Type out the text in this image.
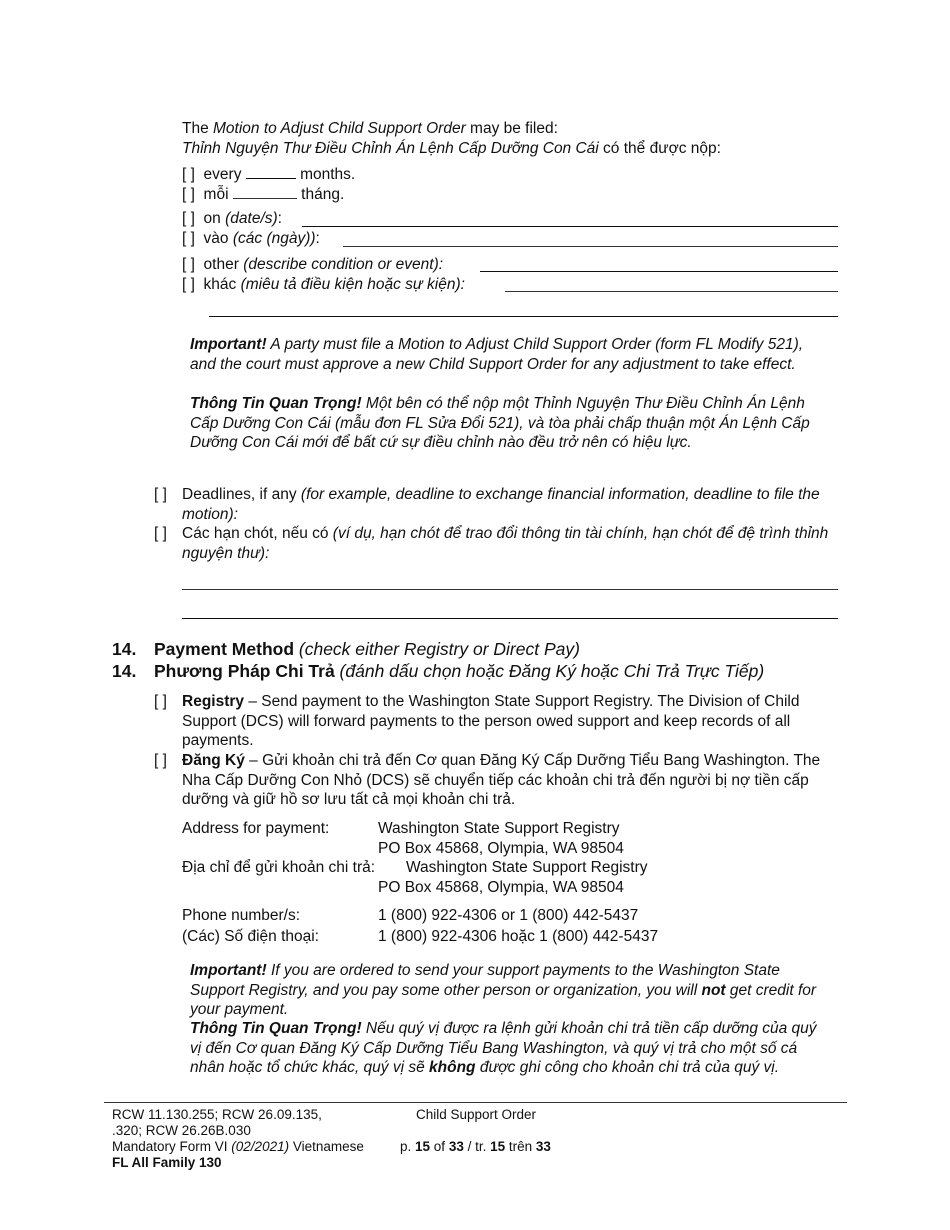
The Motion to Adjust Child Support Order may be filed:
Thỉnh Nguyện Thư Điều Chỉnh Án Lệnh Cấp Dưỡng Con Cái có thể được nộp:
[ ] every	months.
[ ] mỗi	tháng.
[ ] on (date/s):
[ ] vào (các (ngày)):
[ ] other (describe condition or event):
[ ] khác (miêu tả điều kiện hoặc sự kiện):
Important! A party must file a Motion to Adjust Child Support Order (form FL Modify 521), and the court must approve a new Child Support Order for any adjustment to take effect.
Thông Tin Quan Trọng! Một bên có thể nộp một Thỉnh Nguyện Thư Điều Chỉnh Án Lệnh Cấp Dưỡng Con Cái (mẫu đơn FL Sửa Đổi 521), và tòa phải chấp thuận một Án Lệnh Cấp Dưỡng Con Cái mới để bất cứ sự điều chỉnh nào đều trở nên có hiệu lực.
[ ] Deadlines, if any (for example, deadline to exchange financial information, deadline to file the motion):
[ ] Các hạn chót, nếu có (ví dụ, hạn chót để trao đổi thông tin tài chính, hạn chót để đệ trình thỉnh nguyện thư):
14. Payment Method (check either Registry or Direct Pay)
14. Phương Pháp Chi Trả (đánh dấu chọn hoặc Đăng Ký hoặc Chi Trả Trực Tiếp)
[ ] Registry – Send payment to the Washington State Support Registry. The Division of Child Support (DCS) will forward payments to the person owed support and keep records of all payments.
[ ] Đăng Ký – Gửi khoản chi trả đến Cơ quan Đăng Ký Cấp Dưỡng Tiểu Bang Washington. The Nha Cấp Dưỡng Con Nhỏ (DCS) sẽ chuyển tiếp các khoản chi trả đến người bị nợ tiền cấp dưỡng và giữ hồ sơ lưu tất cả mọi khoản chi trả.
Address for payment:	Washington State Support Registry
PO Box 45868, Olympia, WA 98504
Địa chỉ để gửi khoản chi trả: Washington State Support Registry
PO Box 45868, Olympia, WA 98504
Phone number/s:	1 (800) 922-4306 or 1 (800) 442-5437
(Các) Số điện thoại:	1 (800) 922-4306 hoặc 1 (800) 442-5437
Important! If you are ordered to send your support payments to the Washington State Support Registry, and you pay some other person or organization, you will not get credit for your payment.
Thông Tin Quan Trọng! Nếu quý vị được ra lệnh gửi khoản chi trả tiền cấp dưỡng của quý vị đến Cơ quan Đăng Ký Cấp Dưỡng Tiểu Bang Washington, và quý vị trả cho một số cá nhân hoặc tổ chức khác, quý vị sẽ không được ghi công cho khoản chi trả của quý vị.
RCW 11.130.255; RCW 26.09.135,
.320; RCW 26.26B.030
Mandatory Form VI (02/2021) Vietnamese
FL All Family 130
Child Support Order
p. 15 of 33 / tr. 15 trên 33
